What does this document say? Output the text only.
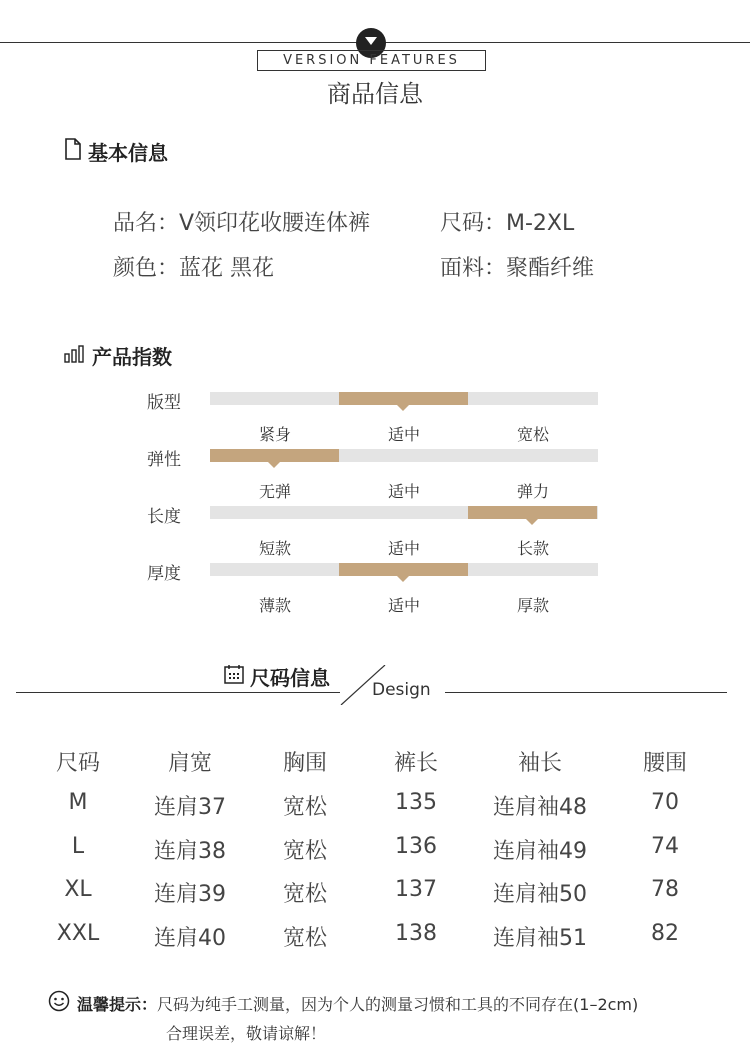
VERSION FEATURES
商品信息
基本信息
品名：V领印花收腰连体裤	尺码：M-2XL
颜色：蓝花 黑花	面料：聚酯纤维
产品指数
版型
紧身	适中	宽松
弹性
无弹	适中	弹力
长度
短款	适中	长款
厚度
薄款	适中	厚款
尺码信息 Design
尺码	肩宽	胸围	裤长	袖长	腰围
M	连肩37	宽松	135	连肩袖48	70
L	连肩38	宽松	136	连肩袖49	74
XL	连肩39	宽松	137	连肩袖50	78
XXL	连肩40	宽松	138	连肩袖51	82
温馨提示：尺码为纯手工测量，因为个人的测量习惯和工具的不同存在(1–2cm)
合理误差，敬请谅解！
